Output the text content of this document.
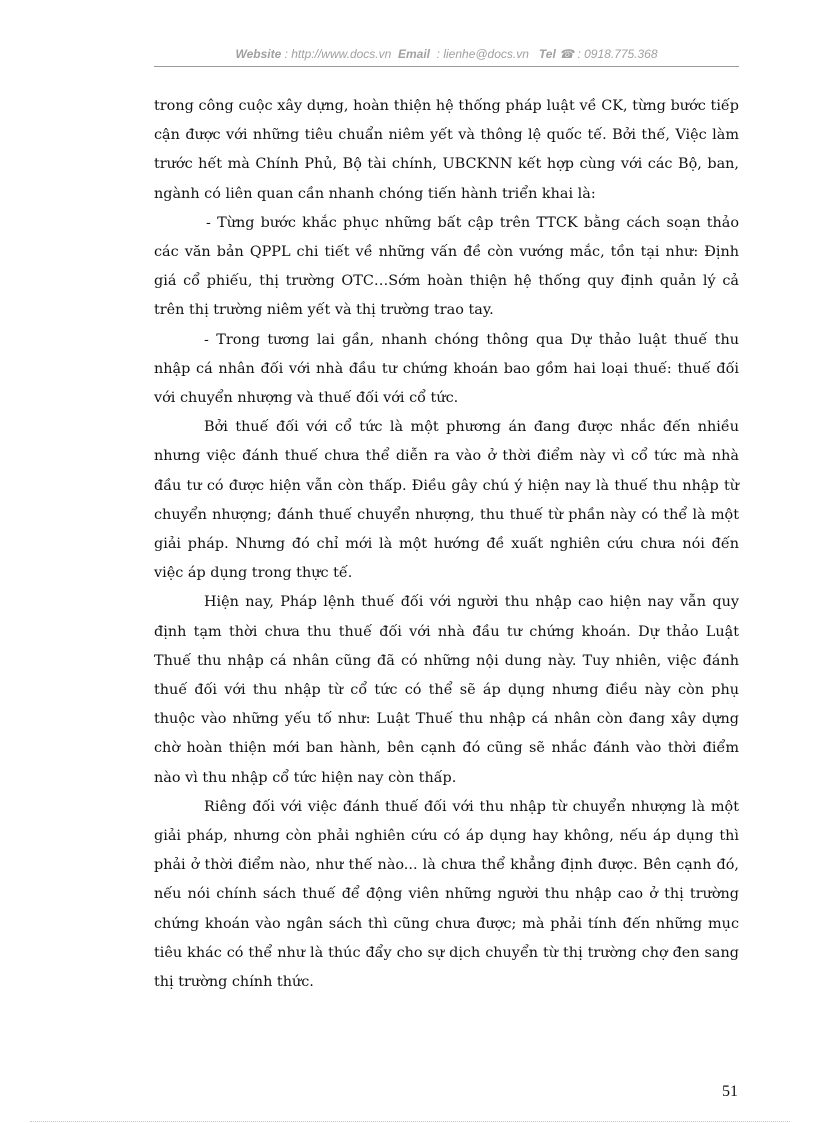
Website : http://www.docs.vn Email : lienhe@docs.vn Tel ☎ : 0918.775.368

trong công cuộc xây dựng, hoàn thiện hệ thống pháp luật về CK, từng bước tiếp cận được với những tiêu chuẩn niêm yết và thông lệ quốc tế. Bởi thế, Việc làm trước hết mà Chính Phủ, Bộ tài chính, UBCKNN kết hợp cùng với các Bộ, ban, ngành có liên quan cần nhanh chóng tiến hành triển khai là:

- Từng bước khắc phục những bất cập trên TTCK bằng cách soạn thảo các văn bản QPPL chi tiết về những vấn đề còn vướng mắc, tồn tại như: Định giá cổ phiếu, thị trường OTC…Sớm hoàn thiện hệ thống quy định quản lý cả trên thị trường niêm yết và thị trường trao tay.

- Trong tương lai gần, nhanh chóng thông qua Dự thảo luật thuế thu nhập cá nhân đối với nhà đầu tư chứng khoán bao gồm hai loại thuế: thuế đối với chuyển nhượng và thuế đối với cổ tức.

Bởi thuế đối với cổ tức là một phương án đang được nhắc đến nhiều nhưng việc đánh thuế chưa thể diễn ra vào ở thời điểm này vì cổ tức mà nhà đầu tư có được hiện vẫn còn thấp. Điều gây chú ý hiện nay là thuế thu nhập từ chuyển nhượng; đánh thuế chuyển nhượng, thu thuế từ phần này có thể là một giải pháp. Nhưng đó chỉ mới là một hướng đề xuất nghiên cứu chưa nói đến việc áp dụng trong thực tế.

Hiện nay, Pháp lệnh thuế đối với người thu nhập cao hiện nay vẫn quy định tạm thời chưa thu thuế đối với nhà đầu tư chứng khoán. Dự thảo Luật Thuế thu nhập cá nhân cũng đã có những nội dung này. Tuy nhiên, việc đánh thuế đối với thu nhập từ cổ tức có thể sẽ áp dụng nhưng điều này còn phụ thuộc vào những yếu tố như: Luật Thuế thu nhập cá nhân còn đang xây dựng chờ hoàn thiện mới ban hành, bên cạnh đó cũng sẽ nhắc đánh vào thời điểm nào vì thu nhập cổ tức hiện nay còn thấp.

Riêng đối với việc đánh thuế đối với thu nhập từ chuyển nhượng là một giải pháp, nhưng còn phải nghiên cứu có áp dụng hay không, nếu áp dụng thì phải ở thời điểm nào, như thế nào... là chưa thể khẳng định được. Bên cạnh đó, nếu nói chính sách thuế để động viên những người thu nhập cao ở thị trường chứng khoán vào ngân sách thì cũng chưa được; mà phải tính đến những mục tiêu khác có thể như là thúc đẩy cho sự dịch chuyển từ thị trường chợ đen sang thị trường chính thức.

51
